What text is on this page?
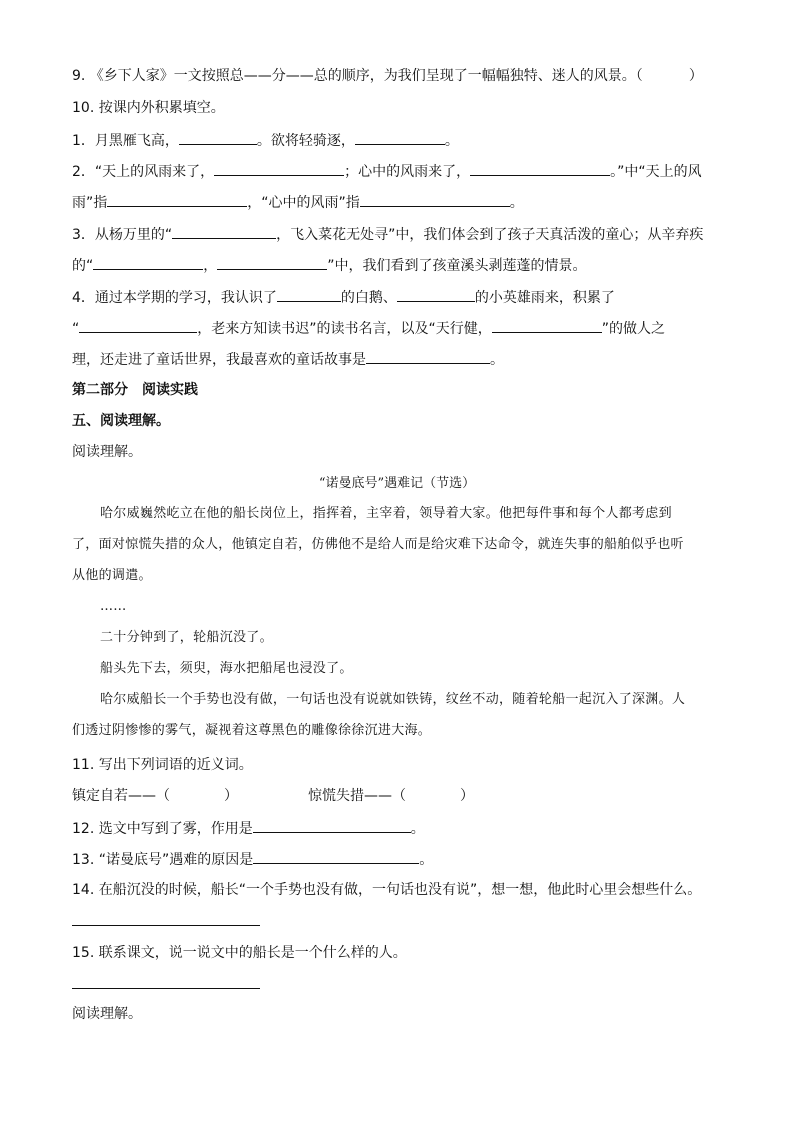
9. 《乡下人家》一文按照总——分——总的顺序，为我们呈现了一幅幅独特、迷人的风景。（	）
10. 按课内外积累填空。
1．月黑雁飞高，	。欲将轻骑逐，	。
2．“天上的风雨来了，	；心中的风雨来了，	。”中“天上的风
雨”指	，“心中的风雨”指	。
3．从杨万里的“	，飞入菜花无处寻”中，我们体会到了孩子天真活泼的童心；从辛弃疾
的“	，	”中，我们看到了孩童溪头剥莲蓬的情景。
4．通过本学期的学习，我认识了	的白鹅、	的小英雄雨来，积累了
“	，老来方知读书迟”的读书名言，以及“天行健，	”的做人之
理，还走进了童话世界，我最喜欢的童话故事是	。
第二部分　阅读实践
五、阅读理解。
阅读理解。
“诺曼底号”遇难记（节选）
哈尔威巍然屹立在他的船长岗位上，指挥着，主宰着，领导着大家。他把每件事和每个人都考虑到
了，面对惊慌失措的众人，他镇定自若，仿佛他不是给人而是给灾难下达命令，就连失事的船舶似乎也听
从他的调遣。
……
二十分钟到了，轮船沉没了。
船头先下去，须臾，海水把船尾也浸没了。
哈尔威船长一个手势也没有做，一句话也没有说就如铁铸，纹丝不动，随着轮船一起沉入了深渊。人
们透过阴惨惨的雾气，凝视着这尊黑色的雕像徐徐沉进大海。
11. 写出下列词语的近义词。
镇定自若——（	）	惊慌失措——（	）
12. 选文中写到了雾，作用是	。
13. “诺曼底号”遇难的原因是	。
14. 在船沉没的时候，船长“一个手势也没有做，一句话也没有说”，想一想，他此时心里会想些什么。
15. 联系课文，说一说文中的船长是一个什么样的人。
阅读理解。
